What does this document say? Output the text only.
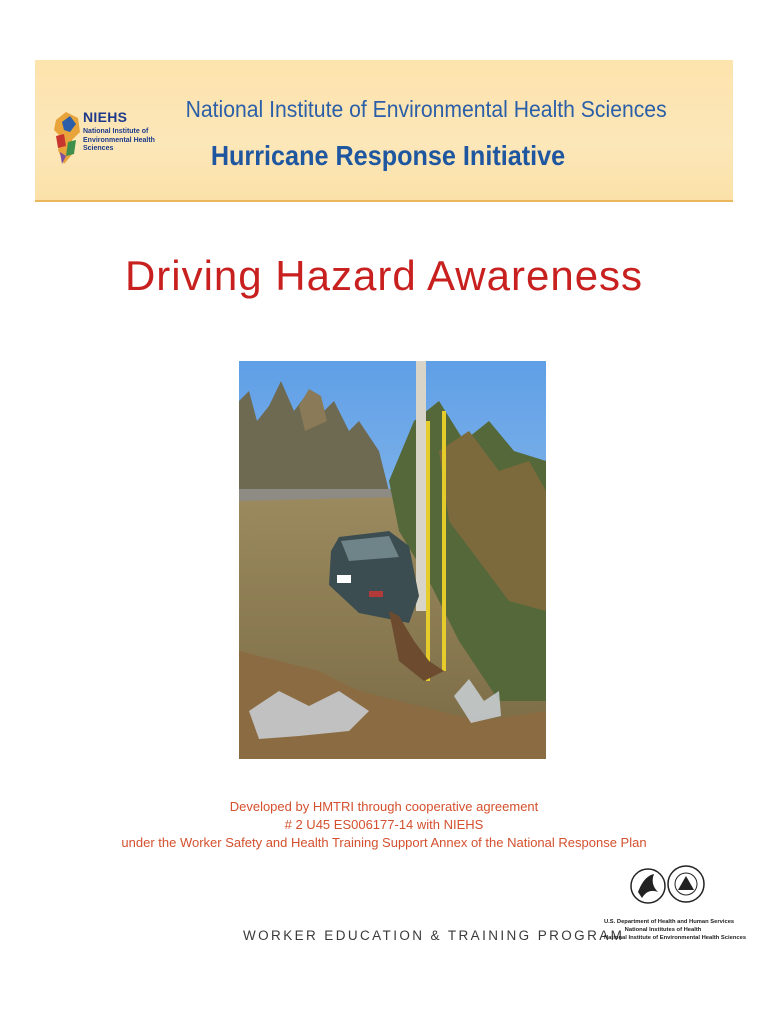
NIEHS
National Institute of
Environmental Health Sciences
National Institute of Environmental Health Sciences
Hurricane Response Initiative
Driving Hazard Awareness
Developed by HMTRI through cooperative agreement
# 2 U45 ES006177-14 with NIEHS
under the Worker Safety and Health Training Support Annex of the National Response Plan
WORKER EDUCATION & TRAINING PROGRAM
U.S. Department of Health and Human Services
National Institutes of Health
National Institute of Environmental Health Sciences
